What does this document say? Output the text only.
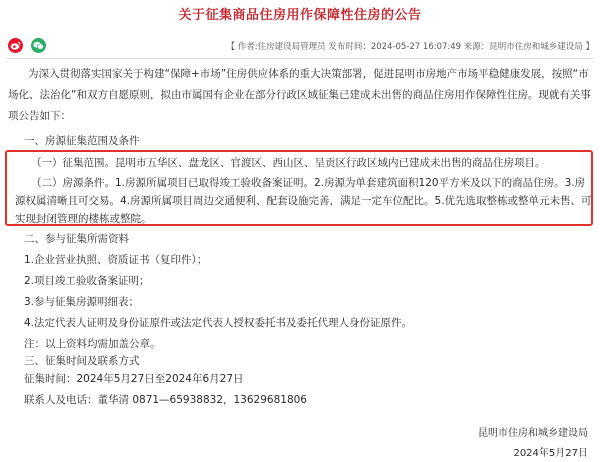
关于征集商品住房用作保障性住房的公告
【 作者:住房建设局管理员 发布时间：2024-05-27 16:07:49 来源：昆明市住房和城乡建设局 】

为深入贯彻落实国家关于构建“保障+市场”住房供应体系的重大决策部署，促进昆明市房地产市场平稳健康发展，按照“市场化、法治化”和双方自愿原则，拟由市属国有企业在部分行政区域征集已建成未出售的商品住房用作保障性住房。现就有关事项公告如下：

一、房源征集范围及条件

（一）征集范围。昆明市五华区、盘龙区、官渡区、西山区、呈贡区行政区域内已建成未出售的商品住房项目。

（二）房源条件。1.房源所属项目已取得竣工验收备案证明。2.房源为单套建筑面积120平方米及以下的商品住房。3.房源权属清晰且可交易。4.房源所属项目周边交通便利、配套设施完善，满足一定车位配比。5.优先选取整栋或整单元未售、可实现封闭管理的楼栋或整院。

二、参与征集所需资料
1.企业营业执照、资质证书（复印件）；
2.项目竣工验收备案证明；
3.参与征集房源明细表；
4.法定代表人证明及身份证原件或法定代表人授权委托书及委托代理人身份证原件。
注：以上资料均需加盖公章。
三、征集时间及联系方式
征集时间：2024年5月27日至2024年6月27日
联系人及电话：董华清 0871—65938832，13629681806
昆明市住房和城乡建设局
2024年5月27日
